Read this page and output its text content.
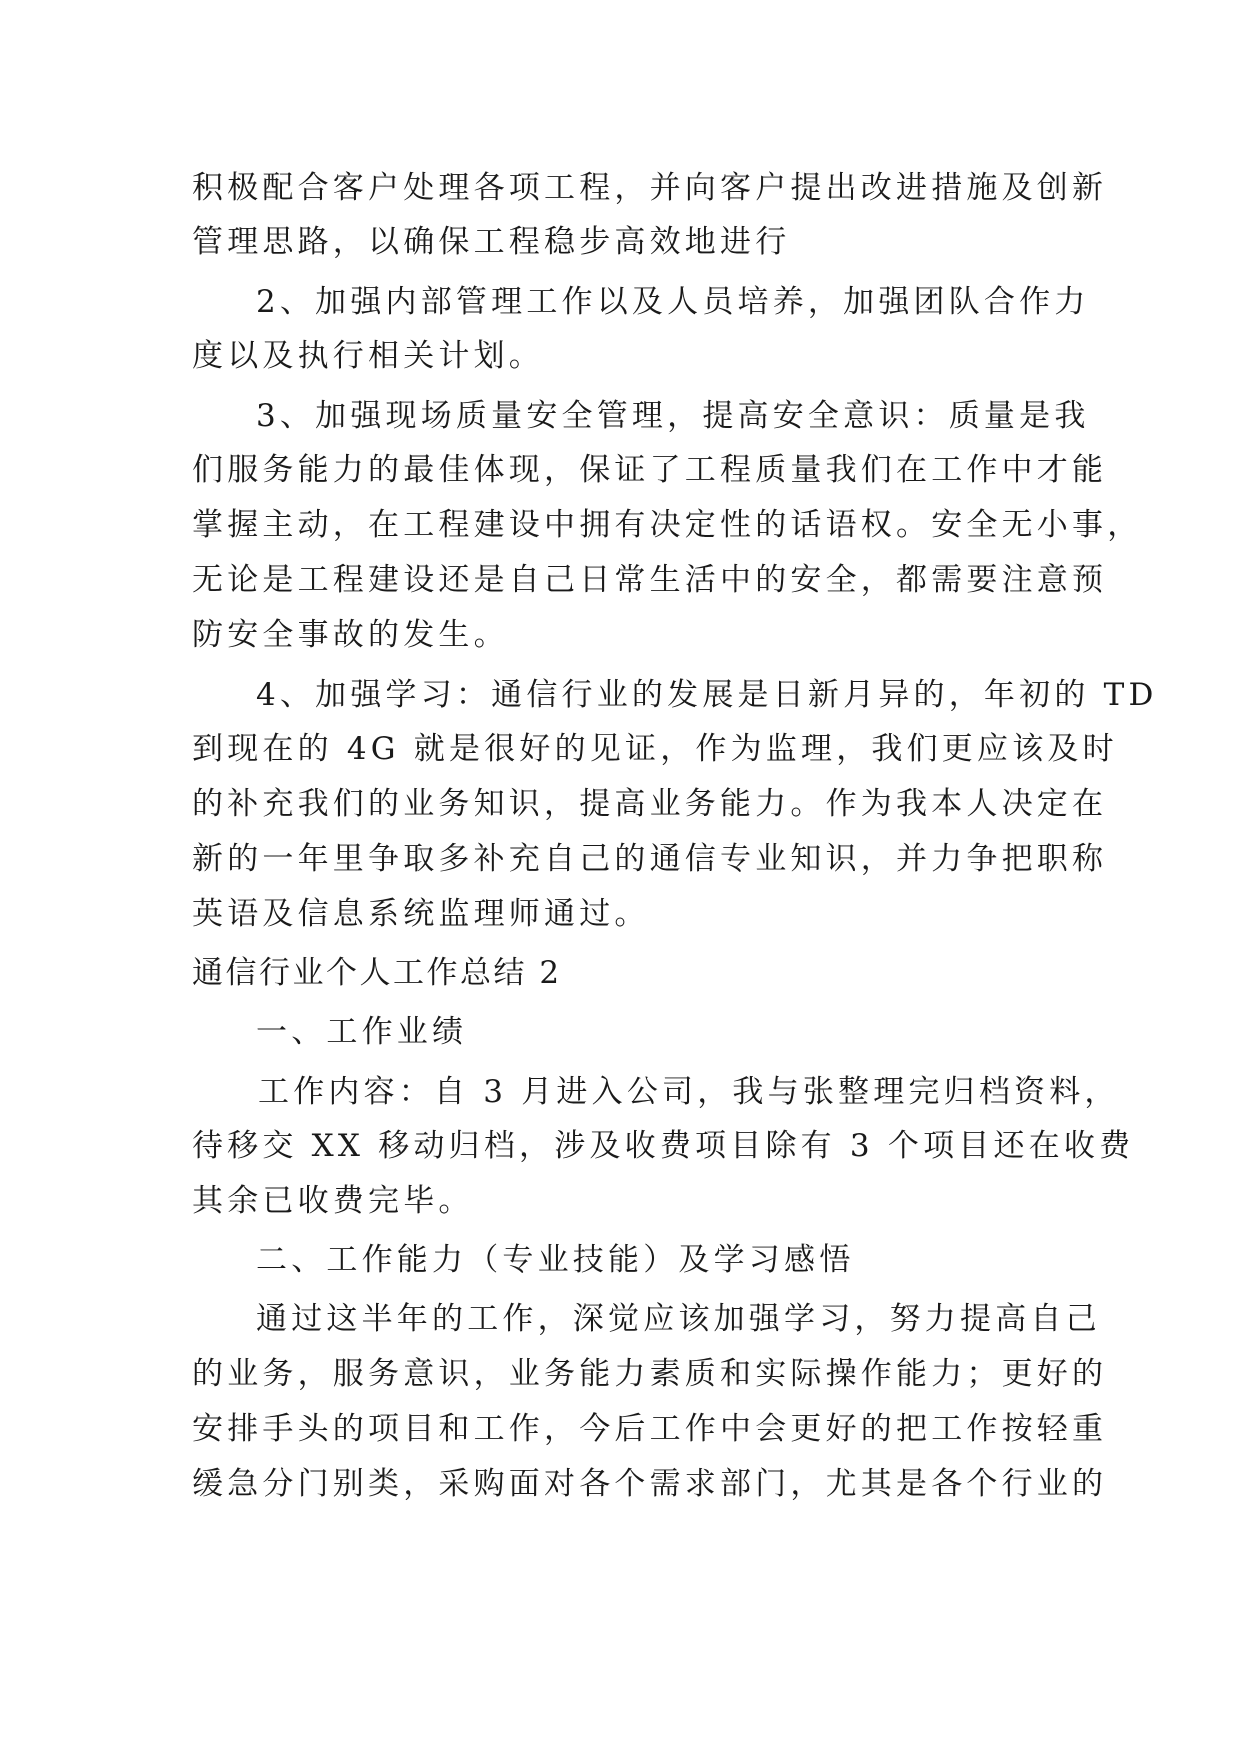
积极配合客户处理各项工程，并向客户提出改进措施及创新
管理思路，以确保工程稳步高效地进行
2、加强内部管理工作以及人员培养，加强团队合作力
度以及执行相关计划。
3、加强现场质量安全管理，提高安全意识：质量是我
们服务能力的最佳体现，保证了工程质量我们在工作中才能
掌握主动，在工程建设中拥有决定性的话语权。安全无小事，
无论是工程建设还是自己日常生活中的安全，都需要注意预
防安全事故的发生。
4、加强学习：通信行业的发展是日新月异的，年初的 TD
到现在的 4G 就是很好的见证，作为监理，我们更应该及时
的补充我们的业务知识，提高业务能力。作为我本人决定在
新的一年里争取多补充自己的通信专业知识，并力争把职称
英语及信息系统监理师通过。
通信行业个人工作总结 2
一、工作业绩
工作内容：自 3 月进入公司，我与张整理完归档资料，
待移交 XX 移动归档，涉及收费项目除有 3 个项目还在收费
其余已收费完毕。
二、工作能力（专业技能）及学习感悟
通过这半年的工作，深觉应该加强学习，努力提高自己
的业务，服务意识，业务能力素质和实际操作能力；更好的
安排手头的项目和工作，今后工作中会更好的把工作按轻重
缓急分门别类，采购面对各个需求部门，尤其是各个行业的
